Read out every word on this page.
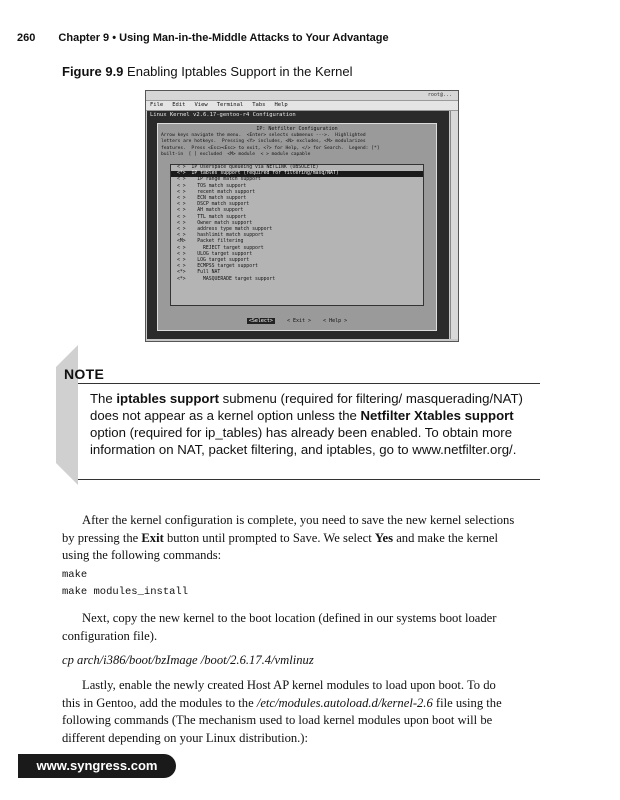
260 Chapter 9 • Using Man-in-the-Middle Attacks to Your Advantage
Figure 9.9 Enabling Iptables Support in the Kernel
root@...
File Edit View Terminal Tabs Help
Linux Kernel v2.6.17-gentoo-r4 Configuration
IP: Netfilter Configuration
Arrow keys navigate the menu.  <Enter> selects submenus --->.  Highlighted
letters are hotkeys.  Pressing <Y> includes, <N> excludes, <M> modularizes
features.  Press <Esc><Esc> to exit, <?> for Help, </> for Search.  Legend: [*]
built-in  [ ] excluded  <M> module  < > module capable
< >  IP Userspace queueing via NETLINK (OBSOLETE)
<*>  IP tables support (required for filtering/masq/NAT)
< >    IP range match support
< >    TOS match support
< >    recent match support
< >    ECN match support
< >    DSCP match support
< >    AH match support
< >    TTL match support
< >    Owner match support
< >    address type match support
< >    hashlimit match support
<M>    Packet filtering
< >      REJECT target support
< >    ULOG target support
< >    LOG target support
< >    ECMPSS target support
<*>    Full NAT
<*>      MASQUERADE target support
<Select>	< Exit > < Help >
NOTE
The iptables support submenu (required for filtering/ masquerading/NAT) does not appear as a kernel option unless the Netfilter Xtables support option (required for ip_tables) has already been enabled. To obtain more information on NAT, packet filtering, and iptables, go to www.netfilter.org/.

After the kernel configuration is complete, you need to save the new kernel selections by pressing the Exit button until prompted to Save. We select Yes and make the kernel using the following commands:

make
make modules_install

Next, copy the new kernel to the boot location (defined in our systems boot loader configuration file).

cp arch/i386/boot/bzImage /boot/2.6.17.4/vmlinuz

Lastly, enable the newly created Host AP kernel modules to load upon boot. To do this in Gentoo, add the modules to the /etc/modules.autoload.d/kernel-2.6 file using the following commands (The mechanism used to load kernel modules upon boot will be different depending on your Linux distribution.):

www.syngress.com
